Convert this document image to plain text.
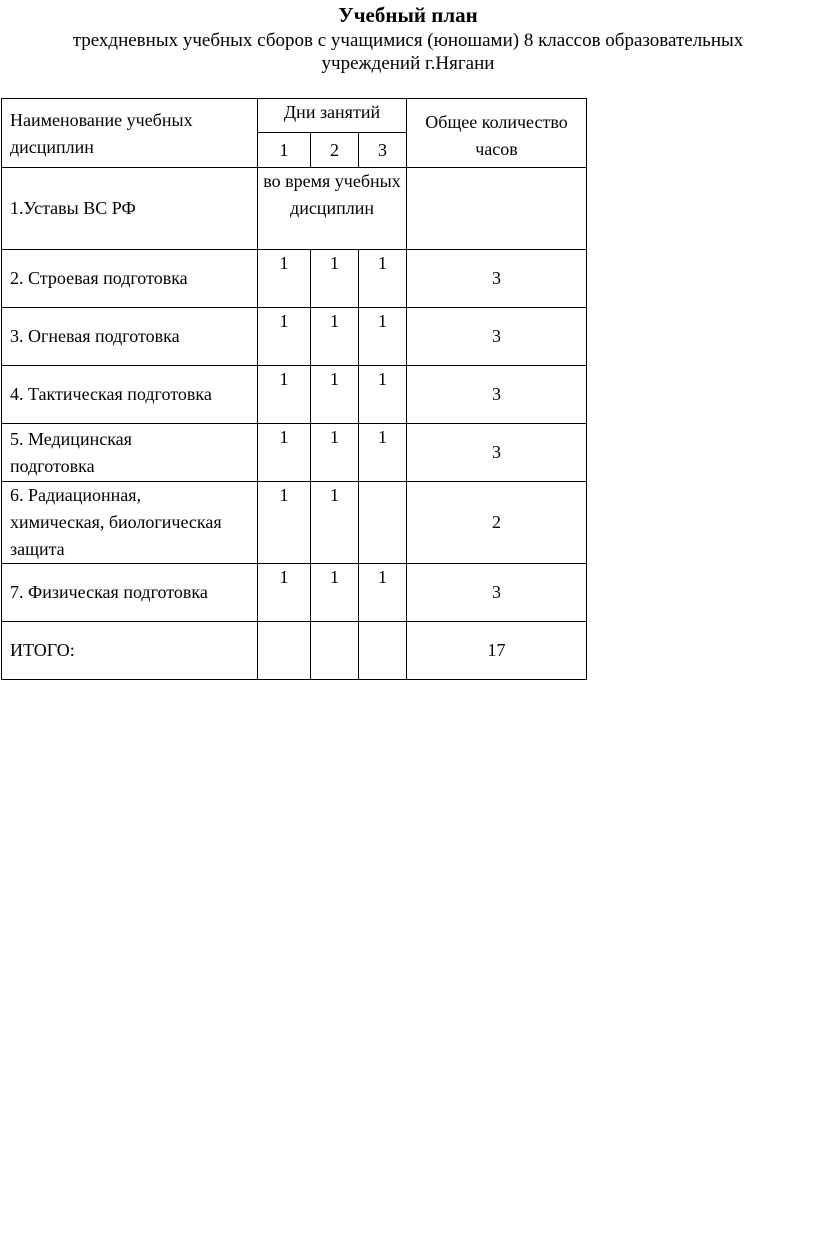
Учебный план
трехдневных учебных сборов с учащимися (юношами) 8 классов образовательных
учреждений г.Нягани
Наименование учебных дисциплин	Дни занятий			Общее количество часов
	1	2	3	
1.Уставы ВС РФ	во время учебных дисциплин			
2. Строевая подготовка	1	1	1	3
3. Огневая подготовка	1	1	1	3
4. Тактическая подготовка	1	1	1	3
5. Медицинская подготовка	1	1	1	3
6. Радиационная, химическая, биологическая защита	1	1		2
7. Физическая подготовка	1	1	1	3
ИТОГО:				17
